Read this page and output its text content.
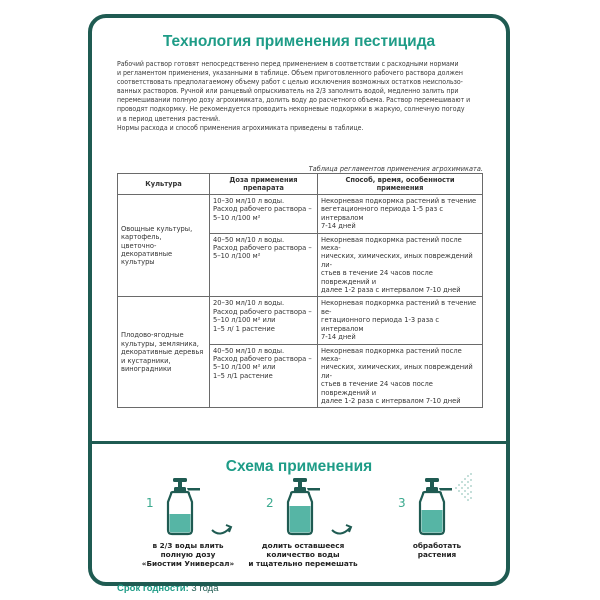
Технология применения пестицида

Рабочий раствор готовят непосредственно перед применением в соответствии с расходными нормами

и регламентом применения, указанными в таблице. Объем приготовленного рабочего раствора должен

соответствовать предполагаемому объему работ с целью исключения возможных остатков неиспользо-

ванных растворов. Ручной или ранцевый опрыскиватель на 2/3 заполнить водой, медленно залить при

перемешивании полную дозу агрохимиката, долить воду до расчетного объема. Раствор перемешивают и

проводят подкормку. Не рекомендуется проводить некорневые подкормки в жаркую, солнечную погоду

и в период цветения растений.

Нормы расхода и способ применения агрохимиката приведены в таблице.

Таблица регламентов применения агрохимиката.
Культура	Доза применения препарата	Способ, время, особенности применения

Овощные культуры,
картофель,
цветочно-декоративные
культуры	10–30 мл/10 л воды.
Расход рабочего раствора –
5–10 л/100 м²	Некорневая подкормка растений в течение
вегетационного периода 1-5 раз с интервалом
7-14 дней

	40–50 мл/10 л воды.
Расход рабочего раствора –
5–10 л/100 м²	Некорневая подкормка растений после меха-
нических, химических, иных повреждений ли-
стьев в течение 24 часов после повреждений и
далее 1-2 раза с интервалом 7-10 дней

Плодово-ягодные
культуры, земляника,
декоративные деревья
и кустарники,
виноградники	20–30 мл/10 л воды.
Расход рабочего раствора –
5–10 л/100 м² или
1–5 л/ 1 растение	Некорневая подкормка растений в течение ве-
гетационного периода 1-3 раза с интервалом
7-14 дней

	40–50 мл/10 л воды.
Расход рабочего раствора –
5–10 л/100 м² или
1–5 л/1 растение	Некорневая подкормка растений после меха-
нических, химических, иных повреждений ли-
стьев в течение 24 часов после повреждений и
далее 1-2 раза с интервалом 7-10 дней
Схема применения
1
в 2/3 воды влить
полную дозу
«Биостим Универсал»
2
долить оставшееся
количество воды
и тщательно перемешать
3
обработать
растения
Срок годности: 3 года
